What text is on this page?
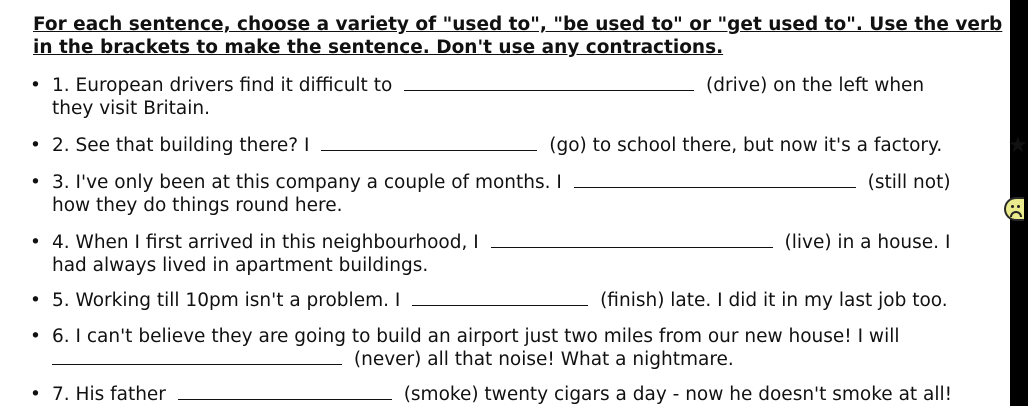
For each sentence, choose a variety of "used to", "be used to" or "get used to". Use the verb
in the brackets to make the sentence. Don't use any contractions.
• 1. European drivers find it difficult to	(drive) on the left when
they visit Britain.
• 2. See that building there? I	(go) to school there, but now it's a factory.
• 3. I've only been at this company a couple of months. I	(still not)
how they do things round here.
• 4. When I first arrived in this neighbourhood, I	(live) in a house. I
had always lived in apartment buildings.
• 5. Working till 10pm isn't a problem. I	(finish) late. I did it in my last job too.
• 6. I can't believe they are going to build an airport just two miles from our new house! I will
(never) all that noise! What a nightmare.
• 7. His father	(smoke) twenty cigars a day - now he doesn't smoke at all!
★
